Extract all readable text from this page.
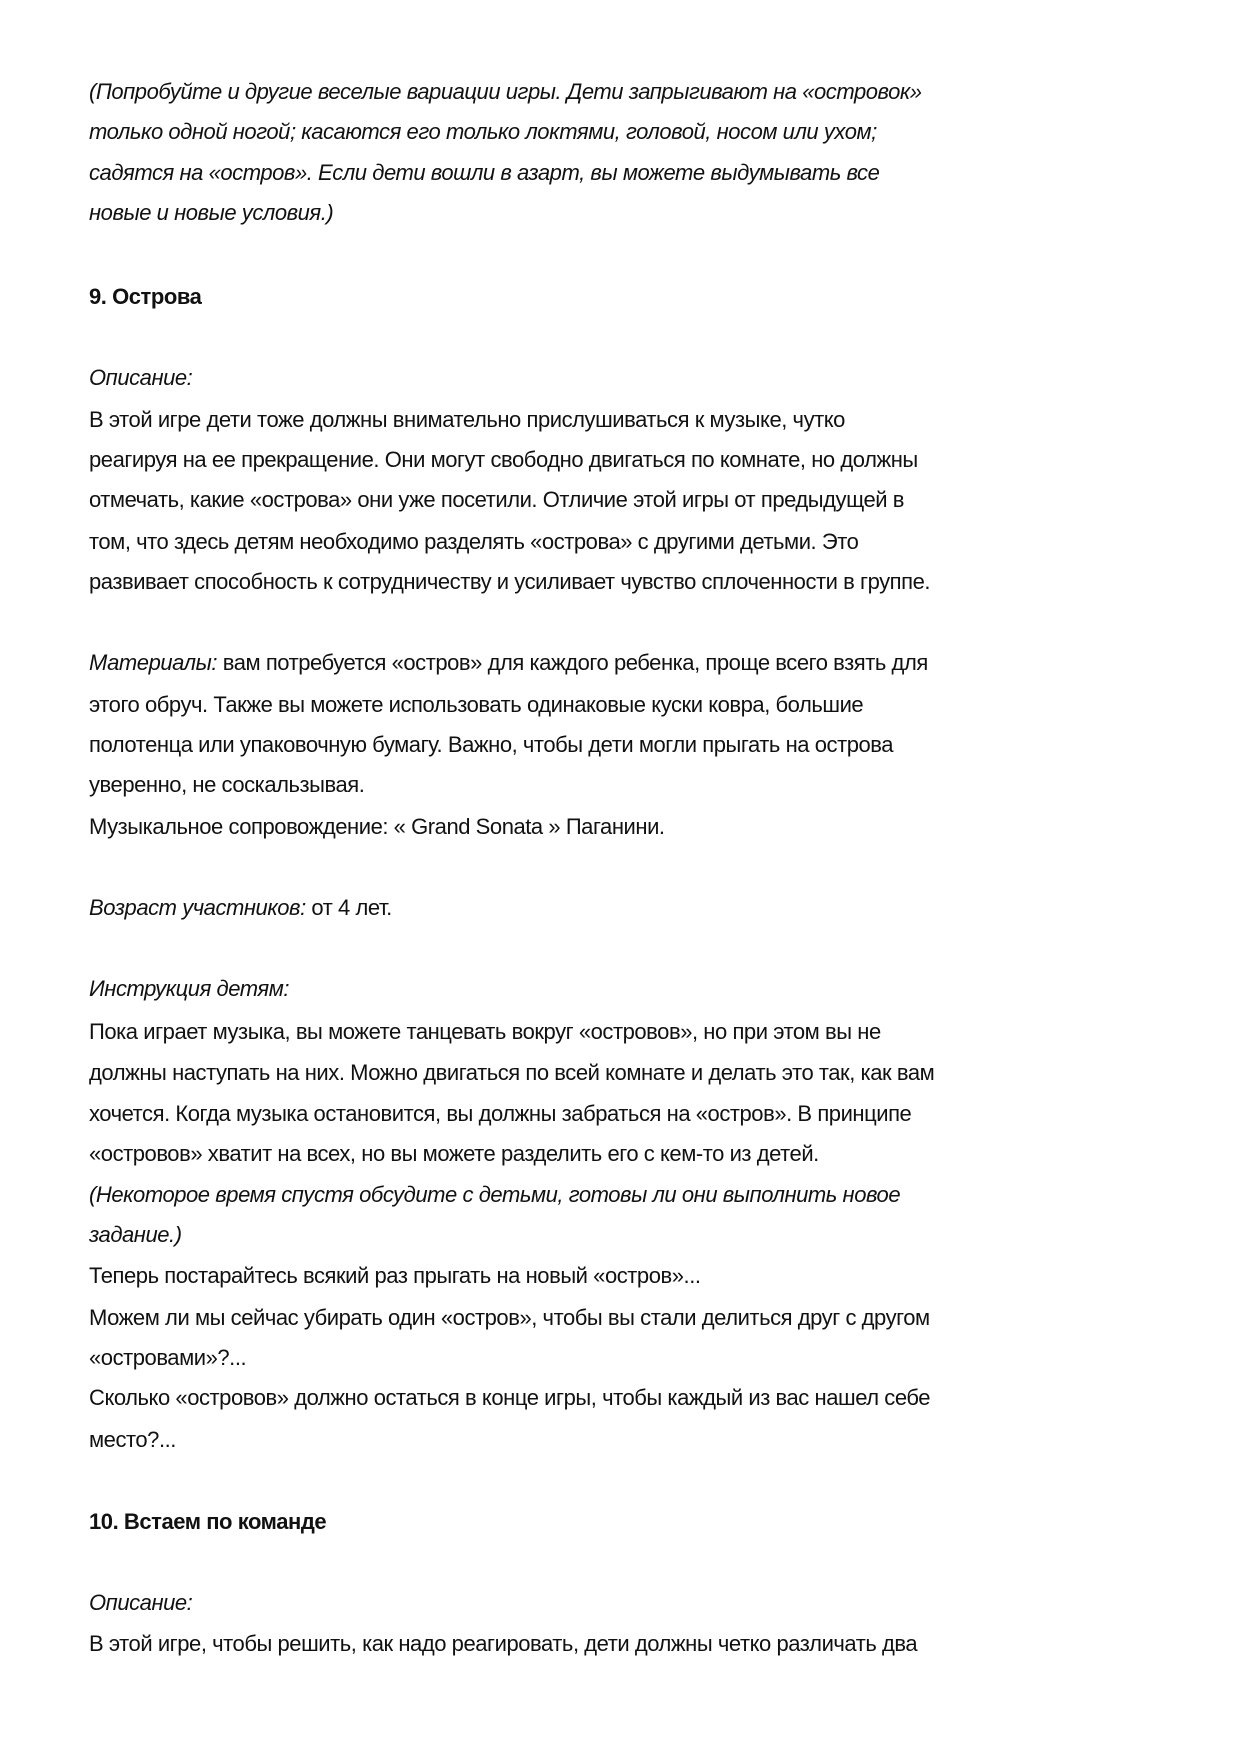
(Попробуйте и другие веселые вариации игры. Дети запрыгивают на «островок»
только одной ногой; касаются его только локтями, головой, носом или ухом;
садятся на «остров». Если дети вошли в азарт, вы можете выдумывать все
новые и новые условия.)
9. Острова
Описание:
В этой игре дети тоже должны внимательно прислушиваться к музыке, чутко
реагируя на ее прекращение. Они могут свободно двигаться по комнате, но должны
отмечать, какие «острова» они уже посетили. Отличие этой игры от предыдущей в
том, что здесь детям необходимо разделять «острова» с другими детьми. Это
развивает способность к сотрудничеству и усиливает чувство сплоченности в группе.
Материалы: вам потребуется «остров» для каждого ребенка, проще всего взять для
этого обруч. Также вы можете использовать одинаковые куски ковра, большие
полотенца или упаковочную бумагу. Важно, чтобы дети могли прыгать на острова
уверенно, не соскальзывая.
Музыкальное сопровождение: « Grand Sonata » Паганини.
Возраст участников: от 4 лет.
Инструкция детям:
Пока играет музыка, вы можете танцевать вокруг «островов», но при этом вы не
должны наступать на них. Можно двигаться по всей комнате и делать это так, как вам
хочется. Когда музыка остановится, вы должны забраться на «остров». В принципе
«островов» хватит на всех, но вы можете разделить его с кем-то из детей.
(Некоторое время спустя обсудите с детьми, готовы ли они выполнить новое
задание.)
Теперь постарайтесь всякий раз прыгать на новый «остров»...
Можем ли мы сейчас убирать один «остров», чтобы вы стали делиться друг с другом
«островами»?...
Сколько «островов» должно остаться в конце игры, чтобы каждый из вас нашел себе
место?...
10. Встаем по команде
Описание:
В этой игре, чтобы решить, как надо реагировать, дети должны четко различать два
